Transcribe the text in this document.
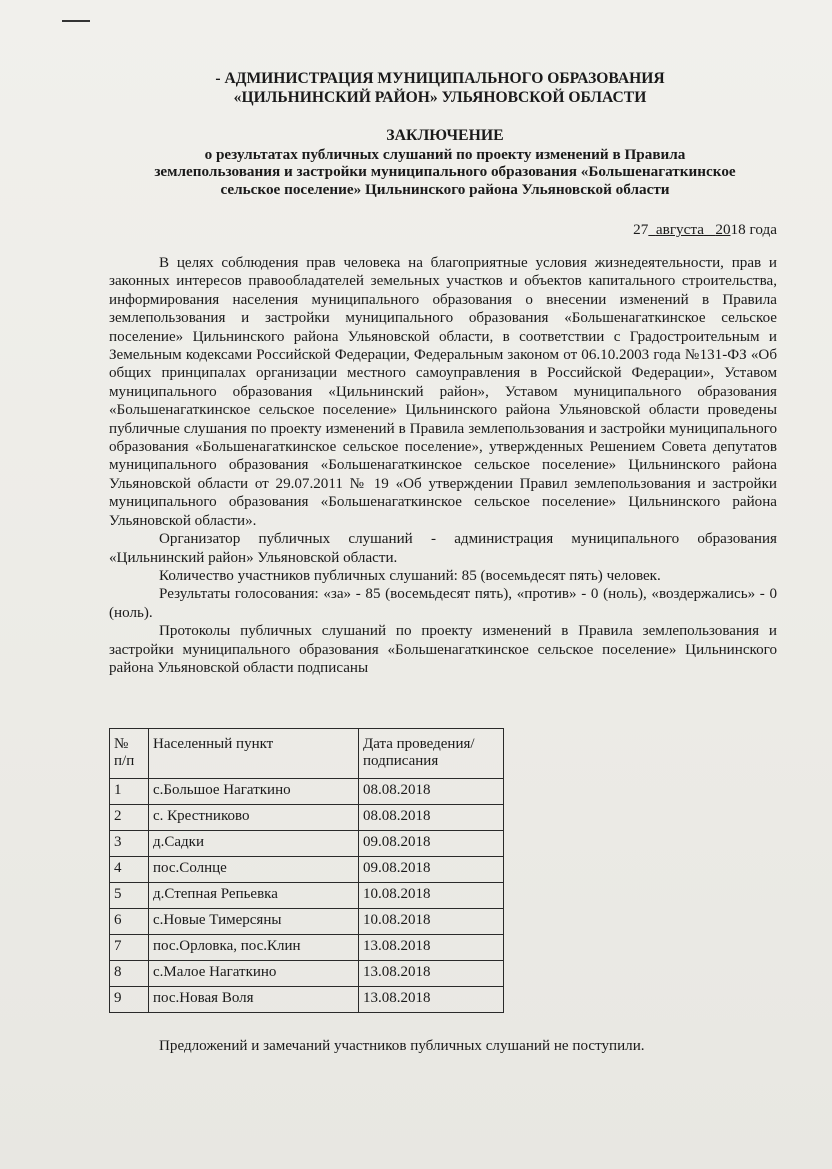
- АДМИНИСТРАЦИЯ МУНИЦИПАЛЬНОГО ОБРАЗОВАНИЯ
«ЦИЛЬНИНСКИЙ РАЙОН» УЛЬЯНОВСКОЙ ОБЛАСТИ
ЗАКЛЮЧЕНИЕ
о результатах публичных слушаний по проекту изменений в Правила
землепользования и застройки муниципального образования «Большенагаткинское
сельское поселение» Цильнинского района Ульяновской области
27 августа 2018 года

В целях соблюдения прав человека на благоприятные условия жизнедеятельности, прав и законных интересов правообладателей земельных участков и объектов капитального строительства, информирования населения муниципального образования о внесении изменений в Правила землепользования и застройки муниципального образования «Большенагаткинское сельское поселение» Цильнинского района Ульяновской области, в соответствии с Градостроительным и Земельным кодексами Российской Федерации, Федеральным законом от 06.10.2003 года №131-ФЗ «Об общих принципалах организации местного самоуправления в Российской Федерации», Уставом муниципального образования «Цильнинский район», Уставом муниципального образования «Большенагаткинское сельское поселение» Цильнинского района Ульяновской области проведены публичные слушания по проекту изменений в Правила землепользования и застройки муниципального образования «Большенагаткинское сельское поселение», утвержденных Решением Совета депутатов муниципального образования «Большенагаткинское сельское поселение» Цильнинского района Ульяновской области от 29.07.2011 № 19 «Об утверждении Правил землепользования и застройки муниципального образования «Большенагаткинское сельское поселение» Цильнинского района Ульяновской области».

Организатор публичных слушаний - администрация муниципального образования «Цильнинский район» Ульяновской области.

Количество участников публичных слушаний: 85 (восемьдесят пять) человек.

Результаты голосования: «за» - 85 (восемьдесят пять), «против» - 0 (ноль), «воздержались» - 0 (ноль).

Протоколы публичных слушаний по проекту изменений в Правила землепользования и застройки муниципального образования «Большенагаткинское сельское поселение» Цильнинского района Ульяновской области подписаны

№ п/п	Населенный пункт	Дата проведения/ подписания
1	с.Большое Нагаткино	08.08.2018
2	с. Крестниково	08.08.2018
3	д.Садки	09.08.2018
4	пос.Солнце	09.08.2018
5	д.Степная Репьевка	10.08.2018
6	с.Новые Тимерсяны	10.08.2018
7	пос.Орловка, пос.Клин	13.08.2018
8	с.Малое Нагаткино	13.08.2018
9	пос.Новая Воля	13.08.2018
Предложений и замечаний участников публичных слушаний не поступили.
